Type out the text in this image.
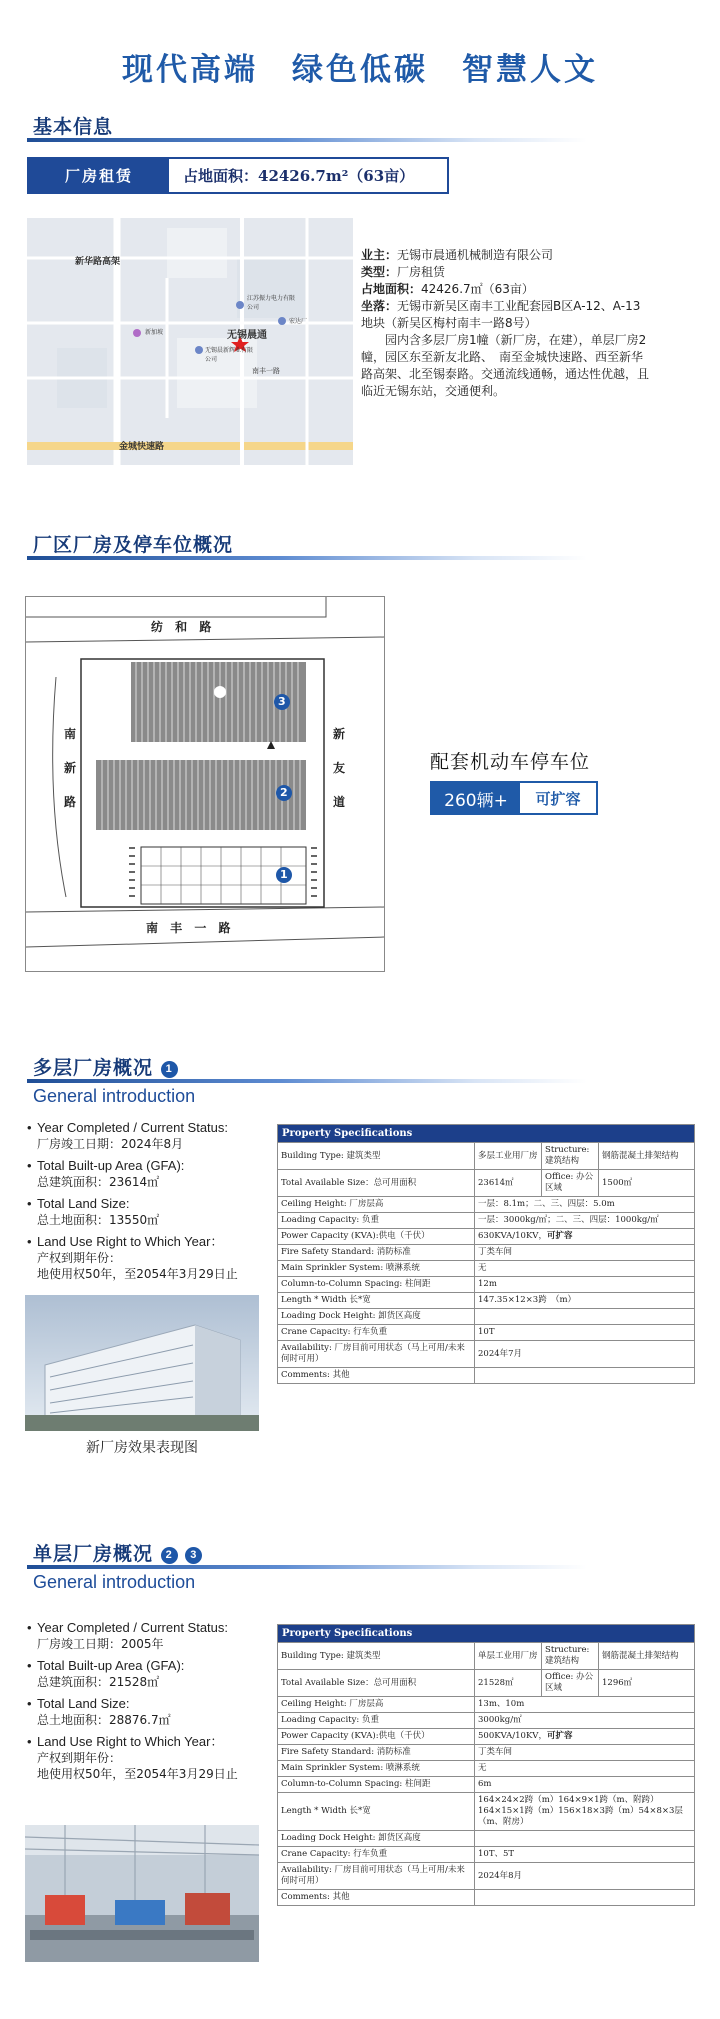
现代高端　绿色低碳　智慧人文
基本信息
厂房租赁	占地面积：42426.7m²（63亩）
新华路高架
无锡晨通
南丰一路
金城快速路
江苏振力电力有限公司
新加坡
无锡晨新辉业有限公司
宏达厂
业主：无锡市晨通机械制造有限公司
类型：厂房租赁
占地面积：42426.7㎡（63亩）
坐落：无锡市新吴区南丰工业配套园B区A-12、A-13地块（新吴区梅村南丰一路8号）
园内含多层厂房1幢（新厂房，在建），单层厂房2幢，园区东至新友北路、　南至金城快速路、西至新华路高架、北至锡泰路。交通流线通畅，通达性优越，且临近无锡东站，交通便利。
厂区厂房及停车位概况
3
2
1
纺 和 路
南 丰 一 路
南新路
新友道
配套机动车停车位
260辆+	可扩容
多层厂房概况 1
General introduction
• Year Completed / Current Status:
厂房竣工日期：2024年8月
• Total Built-up Area (GFA):
总建筑面积：23614㎡
• Total Land Size:
总土地面积：13550㎡
• Land Use Right to Which Year：
产权到期年份：
地使用权50年，至2054年3月29日止
新厂房效果表现图
Property Specifications			
Building Type: 建筑类型	多层工业用厂房	Structure: 建筑结构	钢筋混凝土排架结构
Total Available Size：总可用面积	23614㎡	Office: 办公区域	1500㎡
Ceiling Height: 厂房层高	一层：8.1m；二、三、四层：5.0m		
Loading Capacity: 负重	一层：3000kg/㎡；二、三、四层：1000kg/㎡		
Power Capacity (KVA):供电（千伏）	630KVA/10KV，可扩容		
Fire Safety Standard: 消防标准	丁类车间		
Main Sprinkler System: 喷淋系统	无		
Column-to-Column Spacing: 柱间距	12m		
Length * Width 长*宽	147.35×12×3跨　（m）		
Loading Dock Height: 卸货区高度			
Crane Capacity: 行车负重	10T		
Availability: 厂房目前可用状态（马上可用/未来何时可用）	2024年7月		
Comments: 其他			
单层厂房概况 2 3
General introduction
• Year Completed / Current Status:
厂房竣工日期：2005年
• Total Built-up Area (GFA):
总建筑面积：21528㎡
• Total Land Size:
总土地面积：28876.7㎡
• Land Use Right to Which Year：
产权到期年份：
地使用权50年，至2054年3月29日止
Property Specifications			
Building Type: 建筑类型	单层工业用厂房	Structure: 建筑结构	钢筋混凝土排架结构
Total Available Size：总可用面积	21528㎡	Office: 办公区域	1296㎡
Ceiling Height: 厂房层高	13m、10m		
Loading Capacity: 负重	3000kg/㎡		
Power Capacity (KVA):供电（千伏）	500KVA/10KV，可扩容		
Fire Safety Standard: 消防标准	丁类车间		
Main Sprinkler System: 喷淋系统	无		
Column-to-Column Spacing: 柱间距	6m		
Length * Width 长*宽	164×24×2跨（m）164×9×1跨（m、附跨）164×15×1跨（m）156×18×3跨（m）54×8×3层（m、附房）		
Loading Dock Height: 卸货区高度			
Crane Capacity: 行车负重	10T、5T		
Availability: 厂房目前可用状态（马上可用/未来何时可用）	2024年8月		
Comments: 其他			
